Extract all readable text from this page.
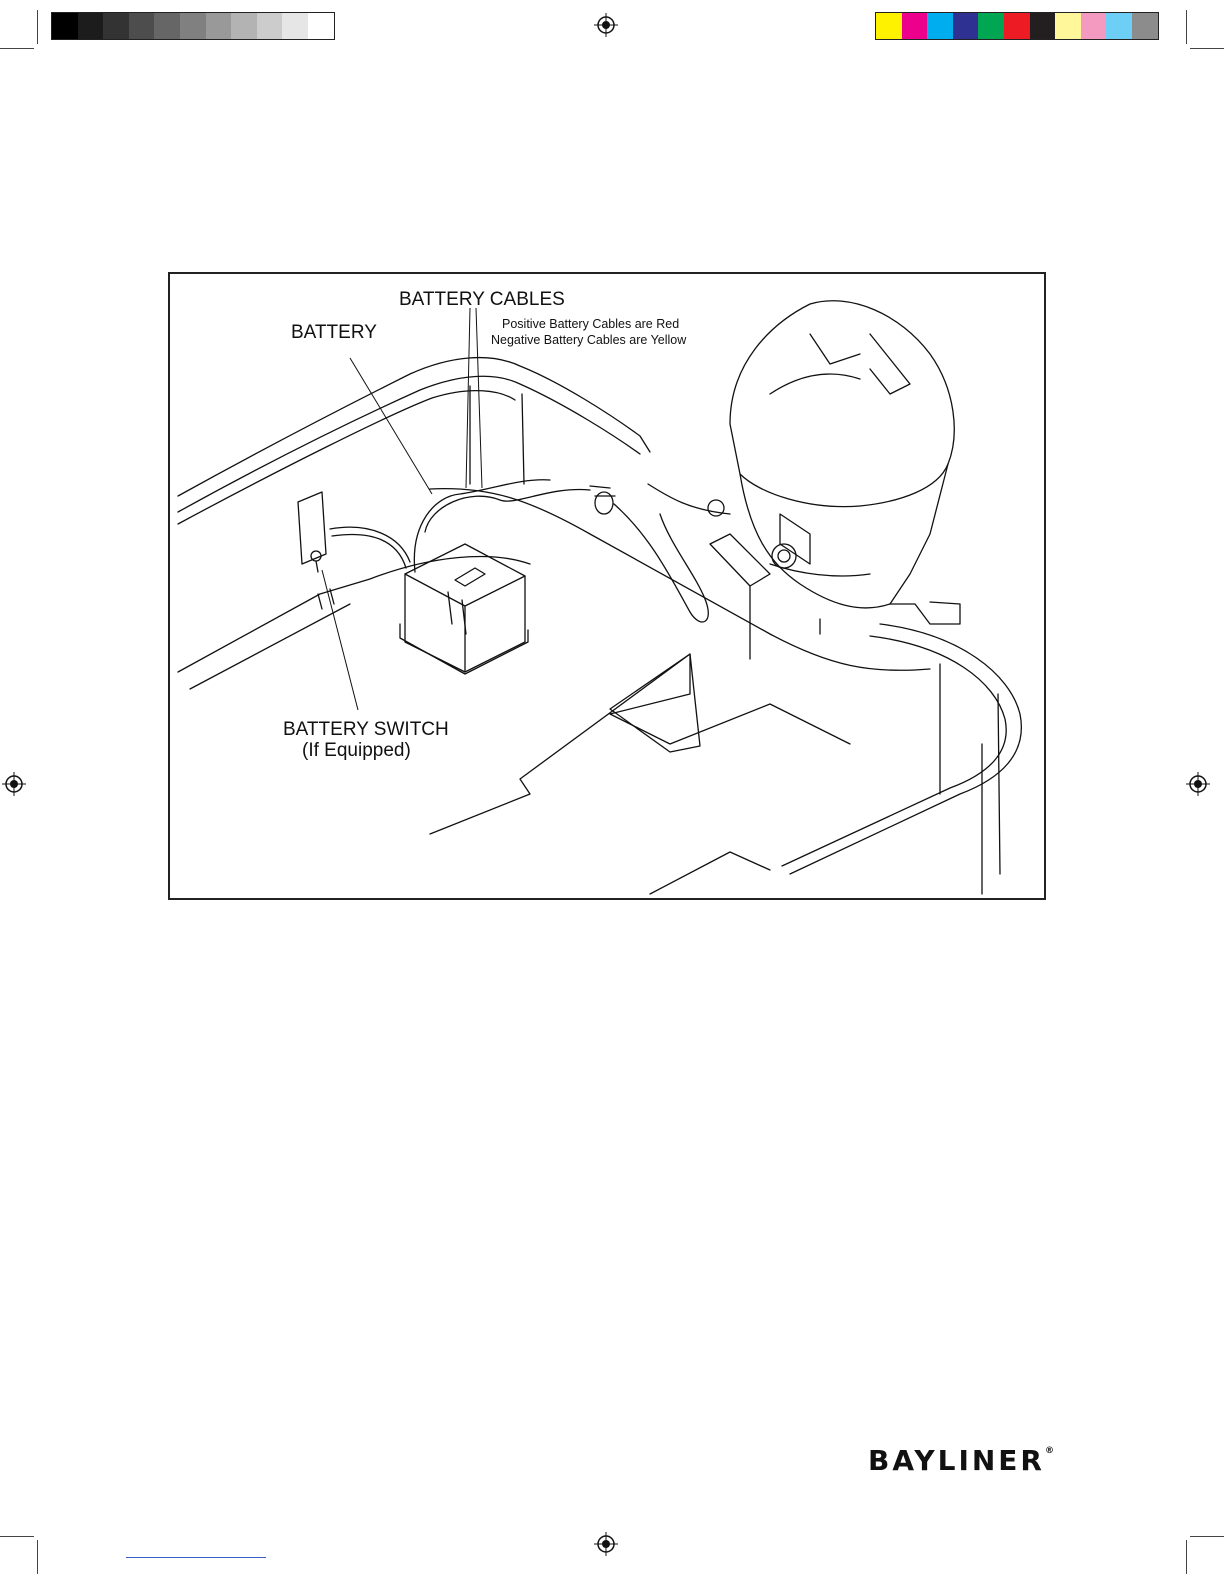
BATTERY CABLES
BATTERY	Positive Battery Cables are Red
Negative Battery Cables are Yellow
BATTERY SWITCH
(If Equipped)
BAYLINER®
